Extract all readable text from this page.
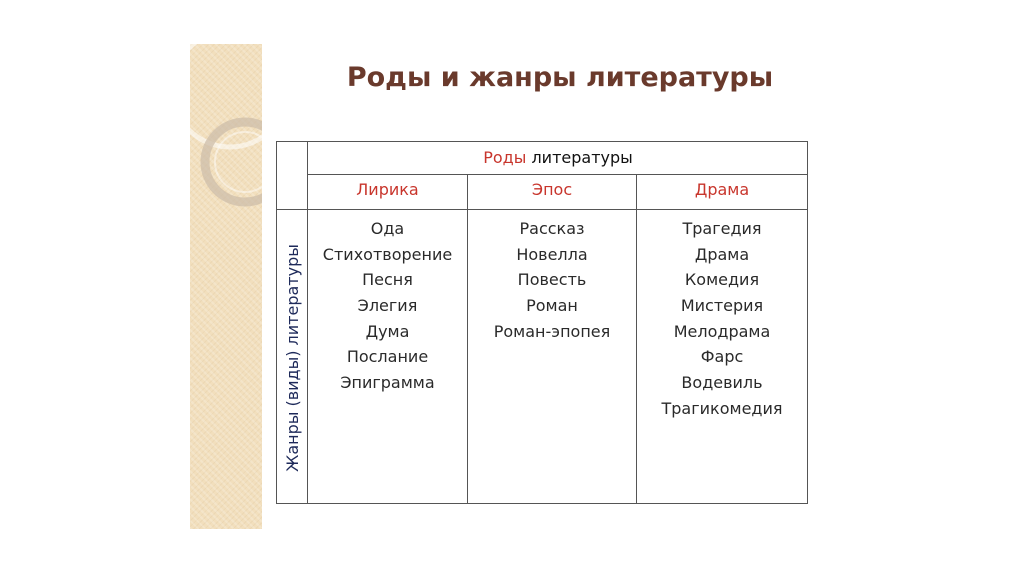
Роды и жанры литературы
Роды литературы
Лирика	Эпос	Драма
Ода
Стихотворение
Песня
Элегия
Дума
Послание
Эпиграмма
Рассказ
Новелла
Повесть
Роман
Роман-эпопея
Трагедия
Драма
Комедия
Мистерия
Мелодрама
Фарс
Водевиль
Трагикомедия
Жанры (виды) литературы
